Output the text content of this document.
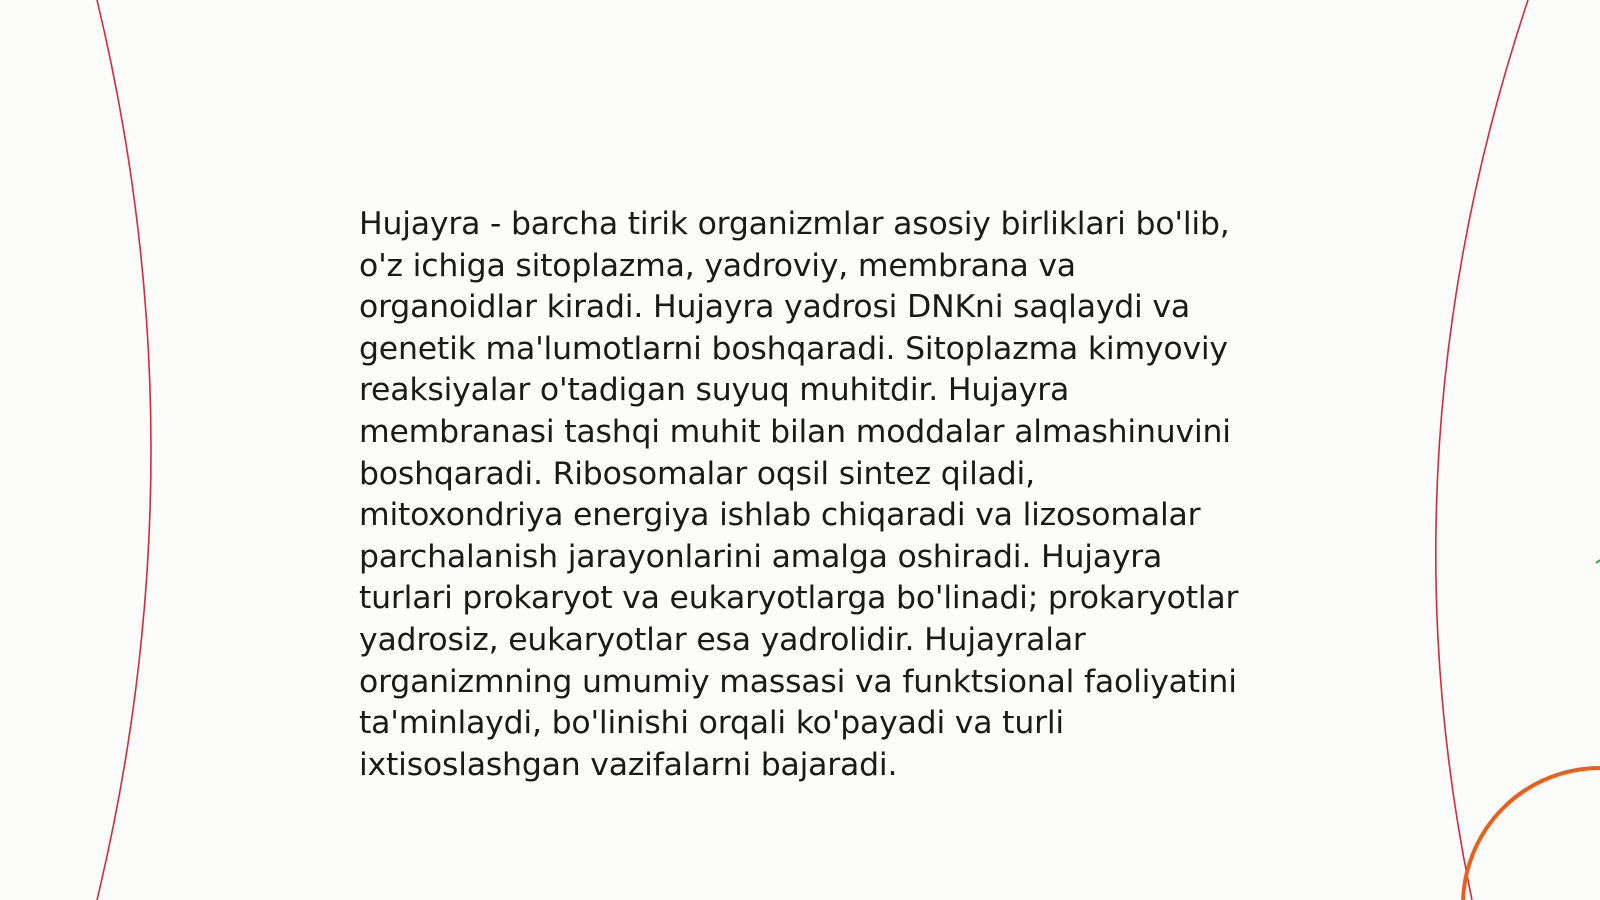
Hujayra - barcha tirik organizmlar asosiy birliklari bo'lib, o'z ichiga sitoplazma, yadroviy, membrana va organoidlar kiradi. Hujayra yadrosi DNKni saqlaydi va genetik ma'lumotlarni boshqaradi. Sitoplazma kimyoviy reaksiyalar o'tadigan suyuq muhitdir. Hujayra membranasi tashqi muhit bilan moddalar almashinuvini boshqaradi. Ribosomalar oqsil sintez qiladi, mitoxondriya energiya ishlab chiqaradi va lizosomalar parchalanish jarayonlarini amalga oshiradi. Hujayra turlari prokaryot va eukaryotlarga bo'linadi; prokaryotlar yadrosiz, eukaryotlar esa yadrolidir. Hujayralar organizmning umumiy massasi va funktsional faoliyatini ta'minlaydi, bo'linishi orqali ko'payadi va turli ixtisoslashgan vazifalarni bajaradi.
